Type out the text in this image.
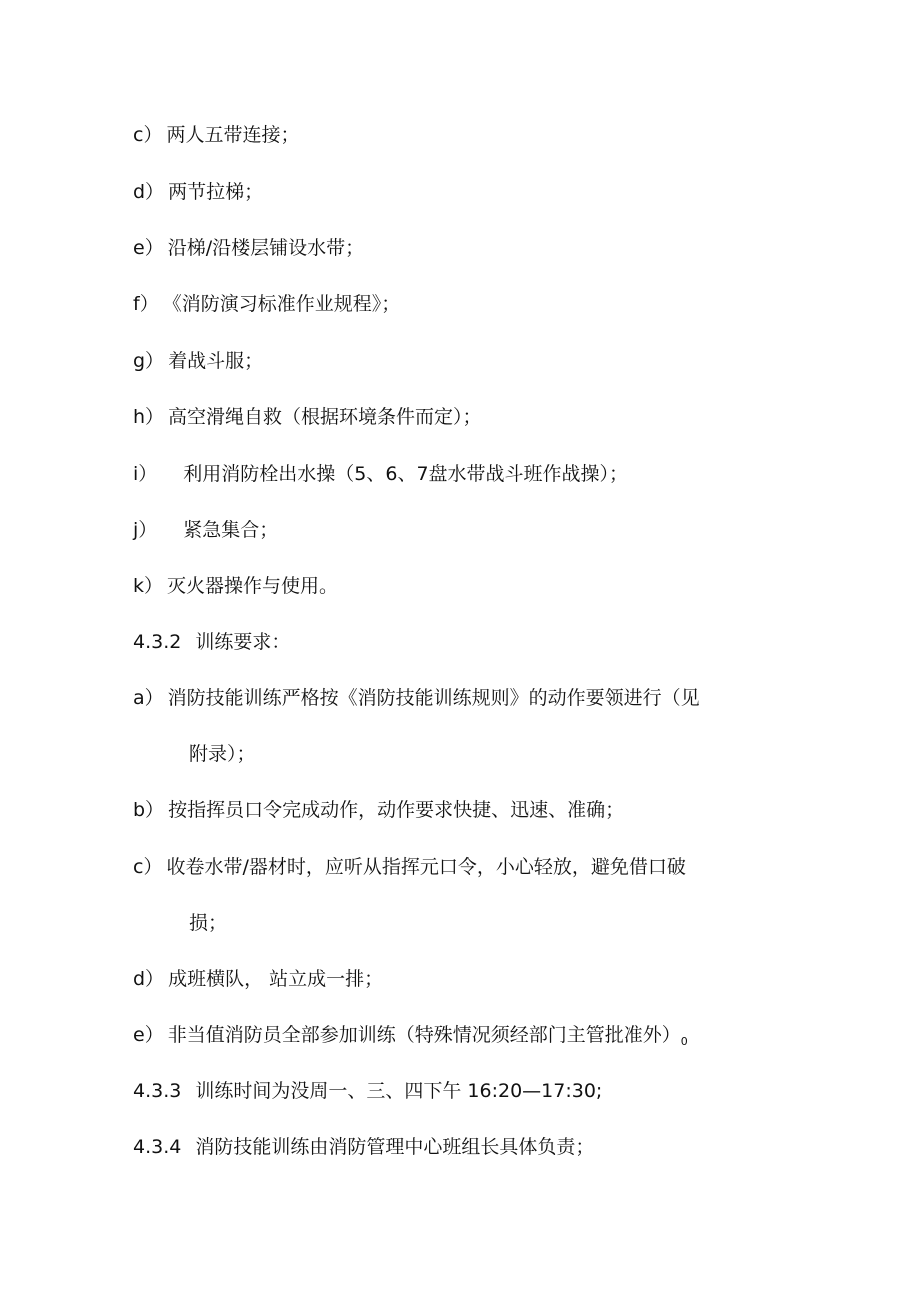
c） 两人五带连接；
d） 两节拉梯；
e） 沿梯/沿楼层铺设水带；
f） 《消防演习标准作业规程》；
g） 着战斗服；
h） 高空滑绳自救（根据环境条件而定）；
i） 利用消防栓出水操（5、6、7盘水带战斗班作战操）；
j） 紧急集合；
k） 灭火器操作与使用。
4.3.2 训练要求：
a） 消防技能训练严格按《消防技能训练规则》的动作要领进行（见
附录）；
b） 按指挥员口令完成动作，动作要求快捷、迅速、准确；
c） 收卷水带/器材时，应听从指挥元口令，小心轻放，避免借口破
损；
d） 成班横队， 站立成一排；
e） 非当值消防员全部参加训练（特殊情况须经部门主管批准外）$_0$
4.3.3 训练时间为没周一、三、四下午 16:20—17:30;
4.3.4 消防技能训练由消防管理中心班组长具体负责；
